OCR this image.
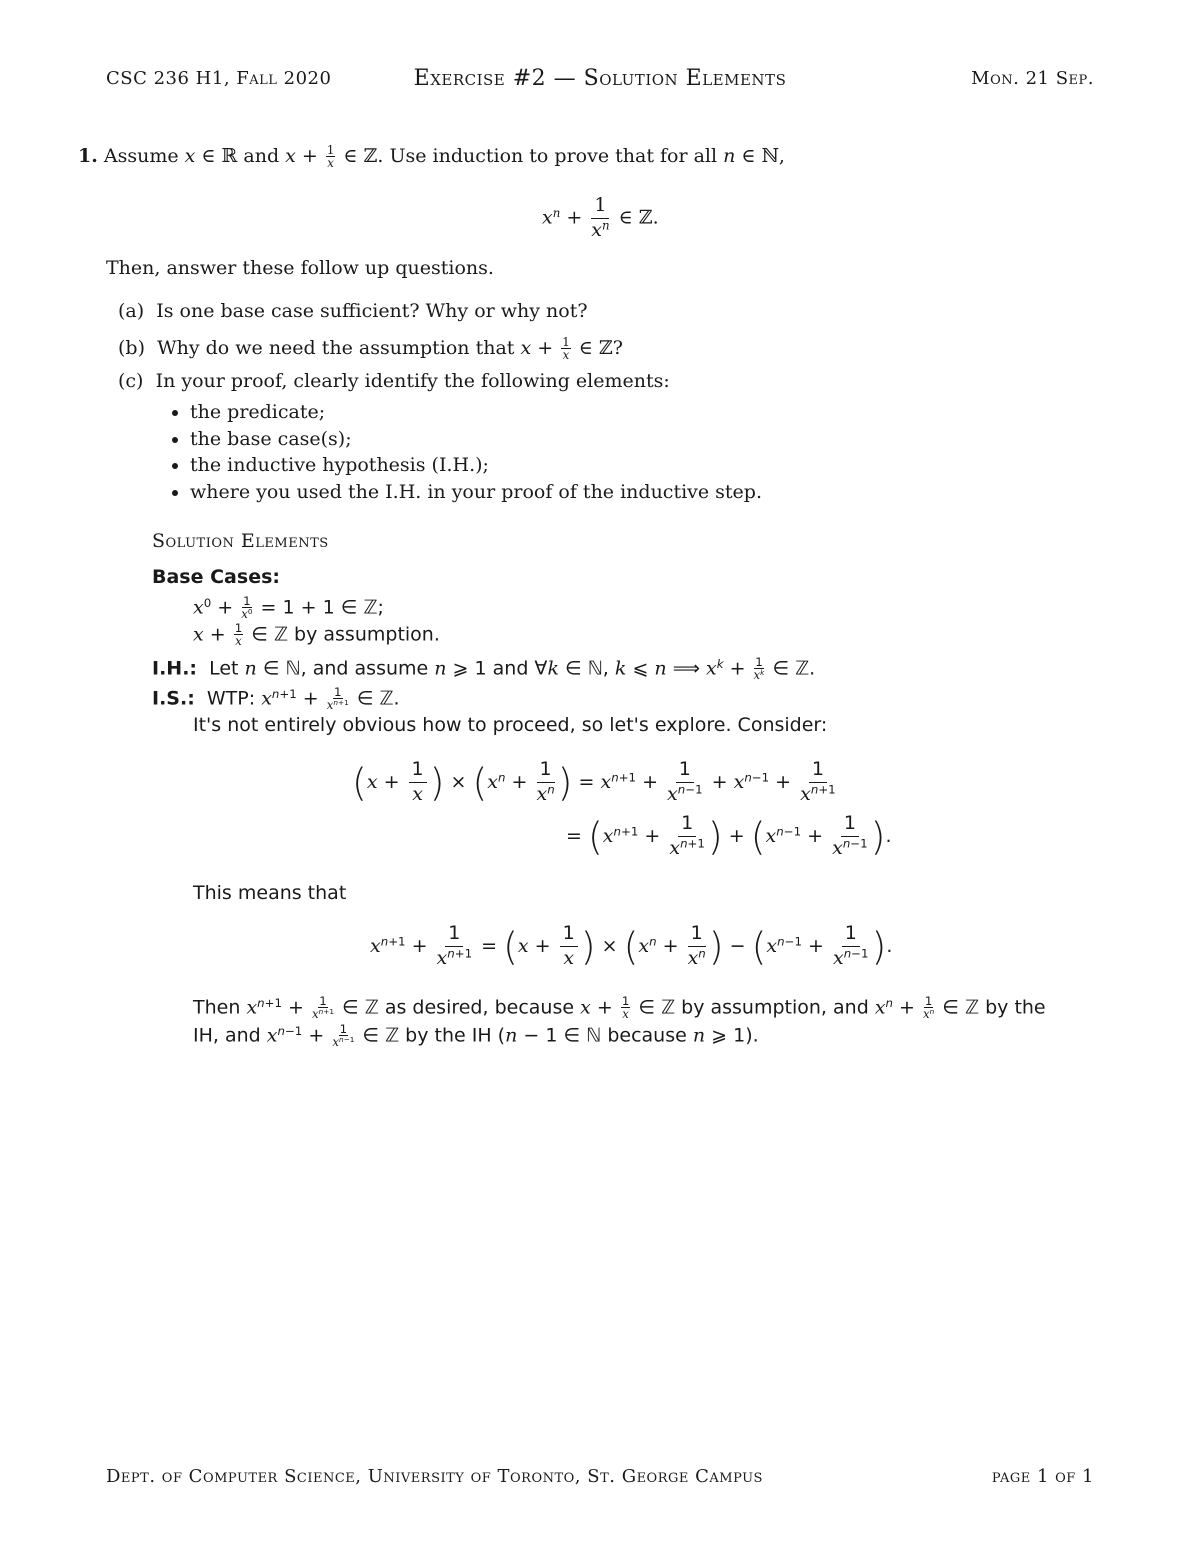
CSC 236 H1, Fall 2020	Exercise #2 — Solution Elements	Mon. 21 Sep.
1. Assume x ∈ ℝ and $x + \frac{1}{x}$ ∈ ℤ. Use induction to prove that for all n ∈ ℕ,
$x^n + \frac{1}{x^n}$ ∈ ℤ.
Then, answer these follow up questions.
(a) Is one base case sufficient? Why or why not?
(b) Why do we need the assumption that $x + \frac{1}{x}$ ∈ ℤ?
(c) In your proof, clearly identify the following elements:
the predicate;
the base case(s);
the inductive hypothesis (I.H.);
where you used the I.H. in your proof of the inductive step.
Solution Elements
Base Cases:
$x^0 + \frac{1}{x^0} = 1 + 1$ ∈ ℤ;
$x + \frac{1}{x}$ ∈ ℤ by assumption.
I.H.: Let n ∈ ℕ, and assume n ⩾ 1 and ∀k ∈ ℕ, k ⩽ n ⟹ $x^k + \frac{1}{x^k}$ ∈ ℤ.
I.S.: WTP: $x^{n+1} + \frac{1}{x^{n+1}}$ ∈ ℤ.
It's not entirely obvious how to proceed, so let's explore. Consider:
($x + \frac{1}{x}$ ) × ($x^n + \frac{1}{x^n}$ ) = $x^{n+1} + \frac{1}{x^{n-1}} + x^{n-1} + \frac{1}{x^{n+1}}$
= ($x^{n+1} + \frac{1}{x^{n+1}}$ ) + ($x^{n-1} + \frac{1}{x^{n-1}}$ ).
This means that
$x^{n+1} + \frac{1}{x^{n+1}} = (x + \frac{1}{x}$ ) × ($x^n + \frac{1}{x^n}$ ) − ($x^{n-1} + \frac{1}{x^{n-1}}$ ).
Then $x^{n+1} + \frac{1}{x^{n+1}}$ ∈ ℤ as desired, because $x + \frac{1}{x}$ ∈ ℤ by assumption, and $x^n + \frac{1}{x^n}$ ∈ ℤ by the
IH, and $x^{n-1} + \frac{1}{x^{n-1}}$ ∈ ℤ by the IH (n − 1 ∈ ℕ because n ⩾ 1).
Dept. of Computer Science, University of Toronto, St. George Campus	page 1 of 1
